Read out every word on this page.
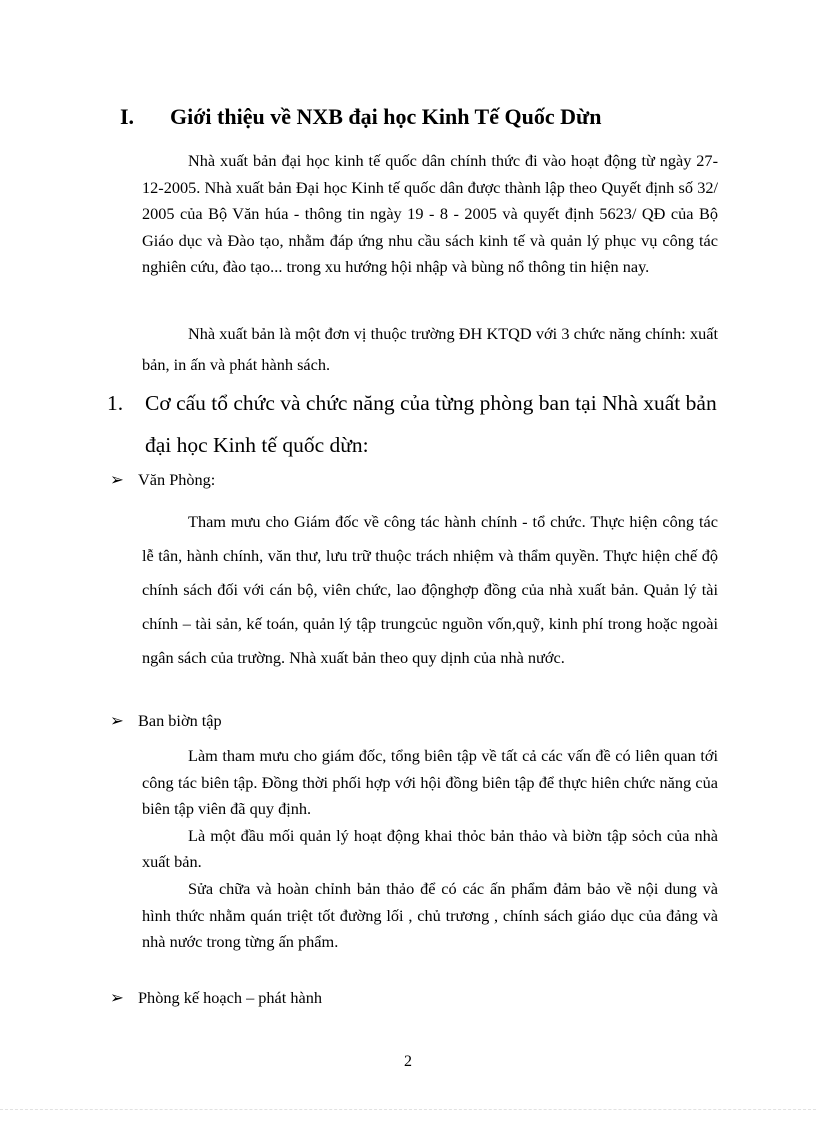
I. Giới thiệu về NXB đại học Kinh Tế Quốc Dừn

Nhà xuất bản đại học kinh tế quốc dân chính thức đi vào hoạt động từ ngày 27-12-2005. Nhà xuất bản Đại học Kinh tế quốc dân được thành lập theo Quyết định số 32/ 2005 của Bộ Văn húa - thông tin ngày 19 - 8 - 2005 và quyết định 5623/ QĐ của Bộ Giáo dục và Đào tạo, nhằm đáp ứng nhu cầu sách kinh tế và quản lý phục vụ công tác nghiên cứu, đào tạo... trong xu hướng hội nhập và bùng nổ thông tin hiện nay.

Nhà xuất bản là một đơn vị thuộc trường ĐH KTQD với 3 chức năng chính: xuất bản, in ấn và phát hành sách.

1.	Cơ cấu tổ chức và chức năng của từng phòng ban tại Nhà xuất bản đại học Kinh tế quốc dừn:
➢ Văn Phòng:

Tham mưu cho Giám đốc về công tác hành chính - tổ chức. Thực hiện công tác lễ tân, hành chính, văn thư, lưu trữ thuộc trách nhiệm và thẩm quyền. Thực hiện chế độ chính sách đối với cán bộ, viên chức, lao độnghợp đồng của nhà xuất bản. Quản lý tài chính – tài sản, kế toán, quản lý tập trungcủc nguồn vốn,quỹ, kinh phí trong hoặc ngoài ngân sách của trường. Nhà xuất bản theo quy dịnh của nhà nước.

➢ Ban biờn tập

Làm tham mưu cho giám đốc, tổng biên tập về tất cả các vấn đề có liên quan tới công tác biên tập. Đồng thời phối hợp với hội đồng biên tập để thực hiên chức năng của biên tập viên đã quy định.

Là một đầu mối quản lý hoạt động khai thỏc bản thảo và biờn tập sỏch của nhà xuất bản.

Sửa chữa và hoàn chỉnh bản thảo để có các ấn phẩm đảm bảo về nội dung và hình thức nhằm quán triệt tốt đường lối , chủ trương , chính sách giáo dục của đảng và nhà nước trong từng ấn phẩm.

➢ Phòng kế hoạch – phát hành
2
